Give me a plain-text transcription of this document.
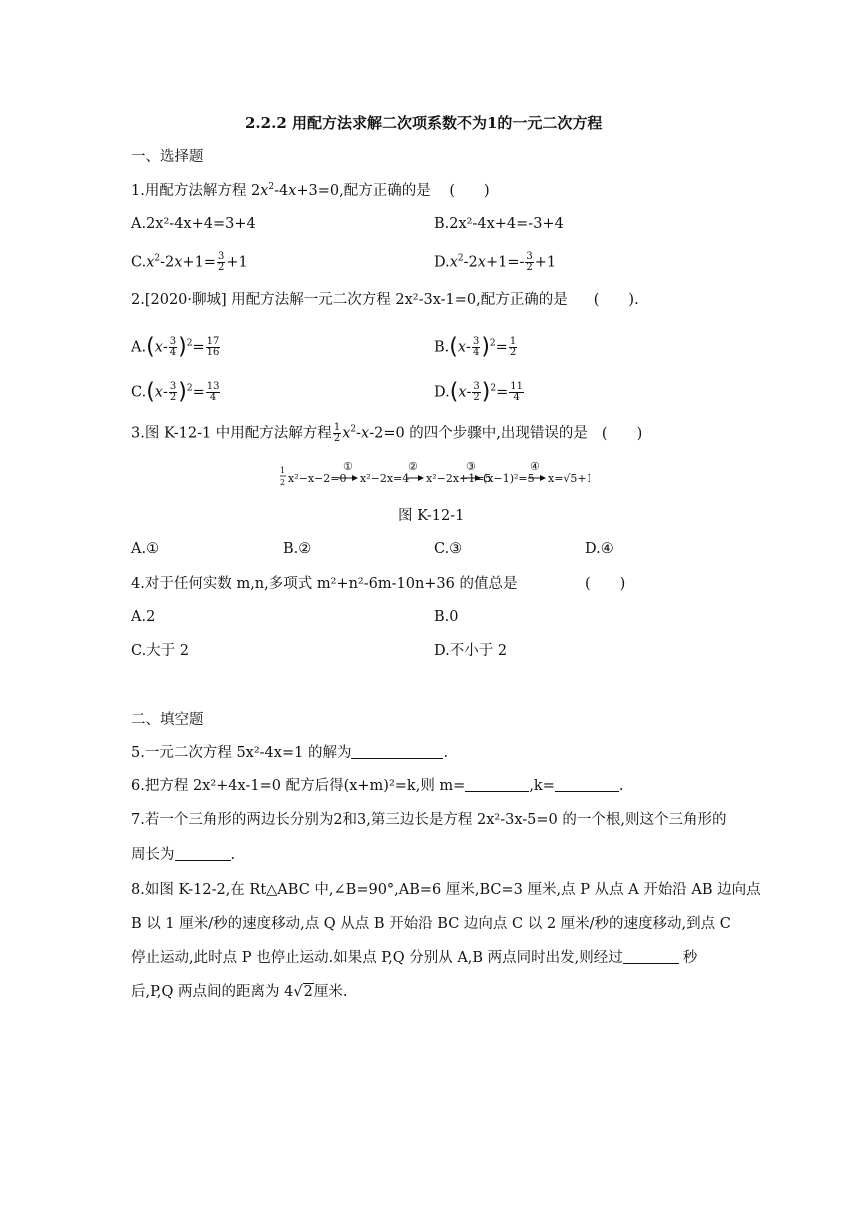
2.2.2 用配方法求解二次项系数不为1的一元二次方程
一、选择题
1.用配方法解方程 $2x^2-4x+3=0$,配方正确的是 (　　)
A.2x²-4x+4=3+4	B.2x²-4x+4=-3+4
$C.x^2-2x+1= \frac{3}{2} +1$	$D.x^2-2x+1=- \frac{3}{2} +1$
2.[2020·聊城] 用配方法解一元二次方程 2x²-3x-1=0,配方正确的是 (　　).
$A.(x- \frac{3}{4} )^2= \frac{17}{16}$	$B.(x- \frac{3}{4} )^2= \frac{1}{2}$
$C.(x- \frac{3}{2} )^2= \frac{13}{4}$	$D.(x- \frac{3}{2} )^2= \frac{11}{4}$
3.图 K-12-1 中用配方法解方程 $\frac{1}{2} x^2-x-2=0$ 的四个步骤中,出现错误的是 (　　)
1
2 x²−x−2=0
①
x²−2x=4
②
x²−2x+1=5
③
(x−1)²=5
④
x=√5+1
图 K-12-1
A.①	B.②	C.③	D.④
4.对于任何实数 m,n,多项式 m²+n²-6m-10n+36 的值总是	(　　)
A.2	B.0
C.大于 2	D.不小于 2
二、填空题
5.一元二次方程 5x²-4x=1 的解为	.
6.把方程 2x²+4x-1=0 配方后得(x+m)²=k,则 m=	,k=	.
7.若一个三角形的两边长分别为2和3,第三边长是方程 2x²-3x-5=0 的一个根,则这个三角形的
周长为	.
8.如图 K-12-2,在 Rt△ABC 中,∠B=90°,AB=6 厘米,BC=3 厘米,点 P 从点 A 开始沿 AB 边向点
B 以 1 厘米/秒的速度移动,点 Q 从点 B 开始沿 BC 边向点 C 以 2 厘米/秒的速度移动,到点 C
停止运动,此时点 P 也停止运动.如果点 P,Q 分别从 A,B 两点同时出发,则经过	秒
后,P,Q 两点间的距离为 4√2厘米.
